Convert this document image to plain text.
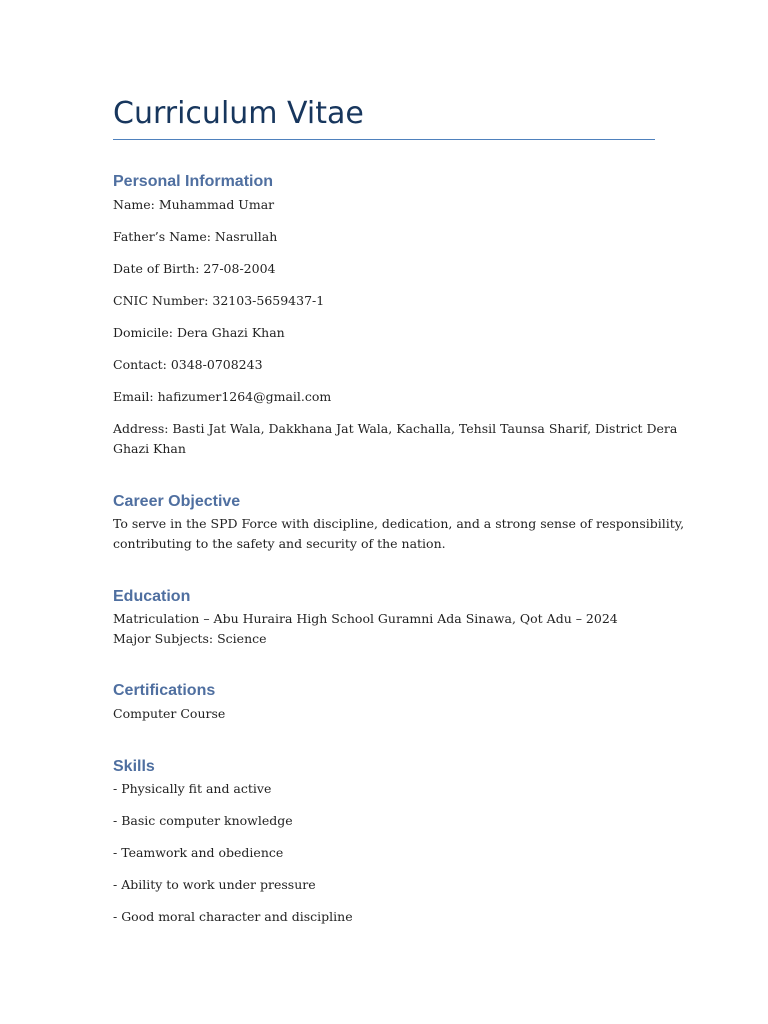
Curriculum Vitae
Personal Information

Name: Muhammad Umar

Father’s Name: Nasrullah

Date of Birth: 27-08-2004

CNIC Number: 32103-5659437-1

Domicile: Dera Ghazi Khan

Contact: 0348-0708243

Email: hafizumer1264@gmail.com

Address: Basti Jat Wala, Dakkhana Jat Wala, Kachalla, Tehsil Taunsa Sharif, District Dera
Ghazi Khan

Career Objective

To serve in the SPD Force with discipline, dedication, and a strong sense of responsibility,
contributing to the safety and security of the nation.

Education

Matriculation – Abu Huraira High School Guramni Ada Sinawa, Qot Adu – 2024
Major Subjects: Science

Certifications

Computer Course

Skills

- Physically fit and active

- Basic computer knowledge

- Teamwork and obedience

- Ability to work under pressure

- Good moral character and discipline
